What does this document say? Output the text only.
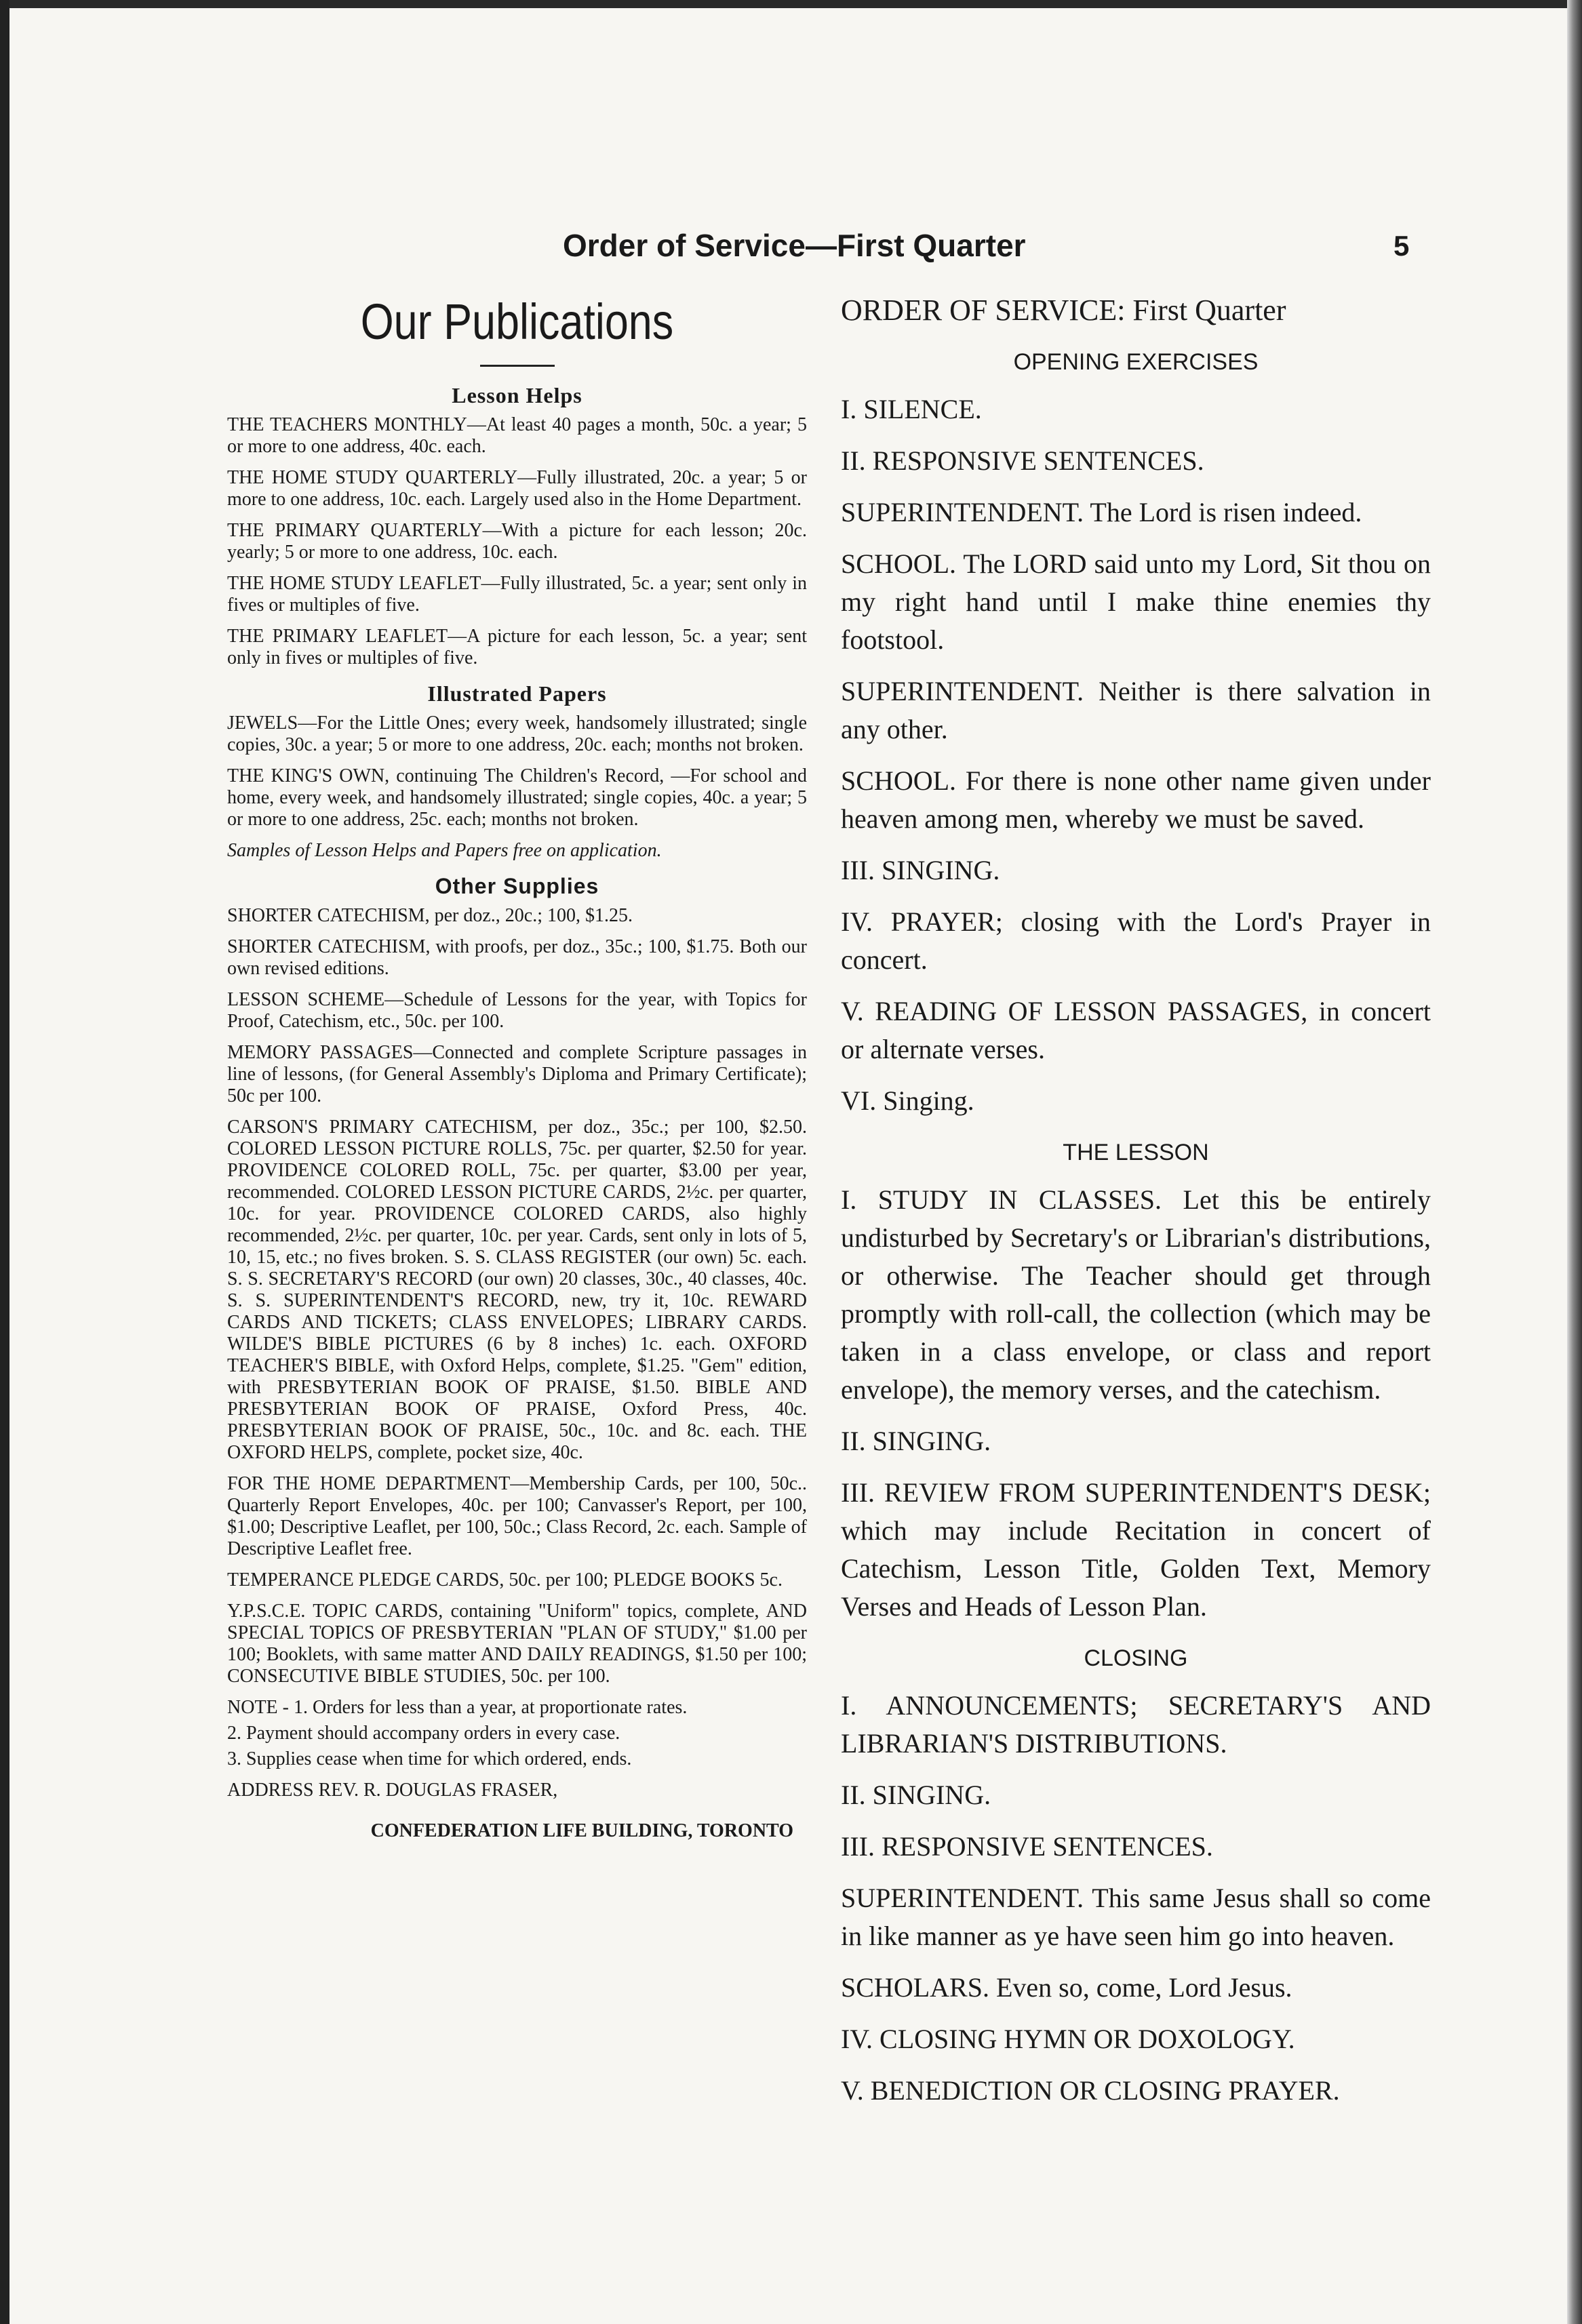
Order of Service—First Quarter	5
Our Publications
Lesson Helps

THE TEACHERS MONTHLY—At least 40 pages a month, 50c. a year; 5 or more to one address, 40c. each.

THE HOME STUDY QUARTERLY—Fully illustrated, 20c. a year; 5 or more to one address, 10c. each. Largely used also in the Home Department.

THE PRIMARY QUARTERLY—With a picture for each lesson; 20c. yearly; 5 or more to one address, 10c. each.

THE HOME STUDY LEAFLET—Fully illustrated, 5c. a year; sent only in fives or multiples of five.

THE PRIMARY LEAFLET—A picture for each lesson, 5c. a year; sent only in fives or multiples of five.

Illustrated Papers

JEWELS—For the Little Ones; every week, handsomely illustrated; single copies, 30c. a year; 5 or more to one address, 20c. each; months not broken.

THE KING'S OWN, continuing The Children's Record, —For school and home, every week, and handsomely illustrated; single copies, 40c. a year; 5 or more to one address, 25c. each; months not broken.

Samples of Lesson Helps and Papers free on application.

Other Supplies

SHORTER CATECHISM, per doz., 20c.; 100, $1.25.

SHORTER CATECHISM, with proofs, per doz., 35c.; 100, $1.75. Both our own revised editions.

LESSON SCHEME—Schedule of Lessons for the year, with Topics for Proof, Catechism, etc., 50c. per 100.

MEMORY PASSAGES—Connected and complete Scripture passages in line of lessons, (for General Assembly's Diploma and Primary Certificate); 50c per 100.

CARSON'S PRIMARY CATECHISM, per doz., 35c.; per 100, $2.50. COLORED LESSON PICTURE ROLLS, 75c. per quarter, $2.50 for year. PROVIDENCE COLORED ROLL, 75c. per quarter, $3.00 per year, recommended. COLORED LESSON PICTURE CARDS, 2½c. per quarter, 10c. for year. PROVIDENCE COLORED CARDS, also highly recommended, 2½c. per quarter, 10c. per year. Cards, sent only in lots of 5, 10, 15, etc.; no fives broken. S. S. CLASS REGISTER (our own) 5c. each. S. S. SECRETARY'S RECORD (our own) 20 classes, 30c., 40 classes, 40c. S. S. SUPERINTENDENT'S RECORD, new, try it, 10c. REWARD CARDS AND TICKETS; CLASS ENVELOPES; LIBRARY CARDS. WILDE'S BIBLE PICTURES (6 by 8 inches) 1c. each. OXFORD TEACHER'S BIBLE, with Oxford Helps, complete, $1.25. "Gem" edition, with PRESBYTERIAN BOOK OF PRAISE, $1.50. BIBLE AND PRESBYTERIAN BOOK OF PRAISE, Oxford Press, 40c. PRESBYTERIAN BOOK OF PRAISE, 50c., 10c. and 8c. each. THE OXFORD HELPS, complete, pocket size, 40c.

FOR THE HOME DEPARTMENT—Membership Cards, per 100, 50c.. Quarterly Report Envelopes, 40c. per 100; Canvasser's Report, per 100, $1.00; Descriptive Leaflet, per 100, 50c.; Class Record, 2c. each. Sample of Descriptive Leaflet free.

TEMPERANCE PLEDGE CARDS, 50c. per 100; PLEDGE BOOKS 5c.

Y.P.S.C.E. TOPIC CARDS, containing "Uniform" topics, complete, AND SPECIAL TOPICS OF PRESBYTERIAN "PLAN OF STUDY," $1.00 per 100; Booklets, with same matter AND DAILY READINGS, $1.50 per 100; CONSECUTIVE BIBLE STUDIES, 50c. per 100.

NOTE - 1. Orders for less than a year, at proportionate rates.

2. Payment should accompany orders in every case.

3. Supplies cease when time for which ordered, ends.

ADDRESS REV. R. DOUGLAS FRASER,

CONFEDERATION LIFE BUILDING, TORONTO

ORDER OF SERVICE: First Quarter
OPENING EXERCISES

I. SILENCE.

II. RESPONSIVE SENTENCES.

SUPERINTENDENT. The Lord is risen indeed.

SCHOOL. The LORD said unto my Lord, Sit thou on my right hand until I make thine enemies thy footstool.

SUPERINTENDENT. Neither is there salvation in any other.

SCHOOL. For there is none other name given under heaven among men, whereby we must be saved.

III. SINGING.

IV. PRAYER; closing with the Lord's Prayer in concert.

V. READING OF LESSON PASSAGES, in concert or alternate verses.

VI. Singing.

THE LESSON

I. STUDY IN CLASSES. Let this be entirely undisturbed by Secretary's or Librarian's distributions, or otherwise. The Teacher should get through promptly with roll-call, the collection (which may be taken in a class envelope, or class and report envelope), the memory verses, and the catechism.

II. SINGING.

III. REVIEW FROM SUPERINTENDENT'S DESK; which may include Recitation in concert of Catechism, Lesson Title, Golden Text, Memory Verses and Heads of Lesson Plan.

CLOSING

I. ANNOUNCEMENTS; SECRETARY'S AND LIBRARIAN'S DISTRIBUTIONS.

II. SINGING.

III. RESPONSIVE SENTENCES.

SUPERINTENDENT. This same Jesus shall so come in like manner as ye have seen him go into heaven.

SCHOLARS. Even so, come, Lord Jesus.

IV. CLOSING HYMN OR DOXOLOGY.

V. BENEDICTION OR CLOSING PRAYER.
